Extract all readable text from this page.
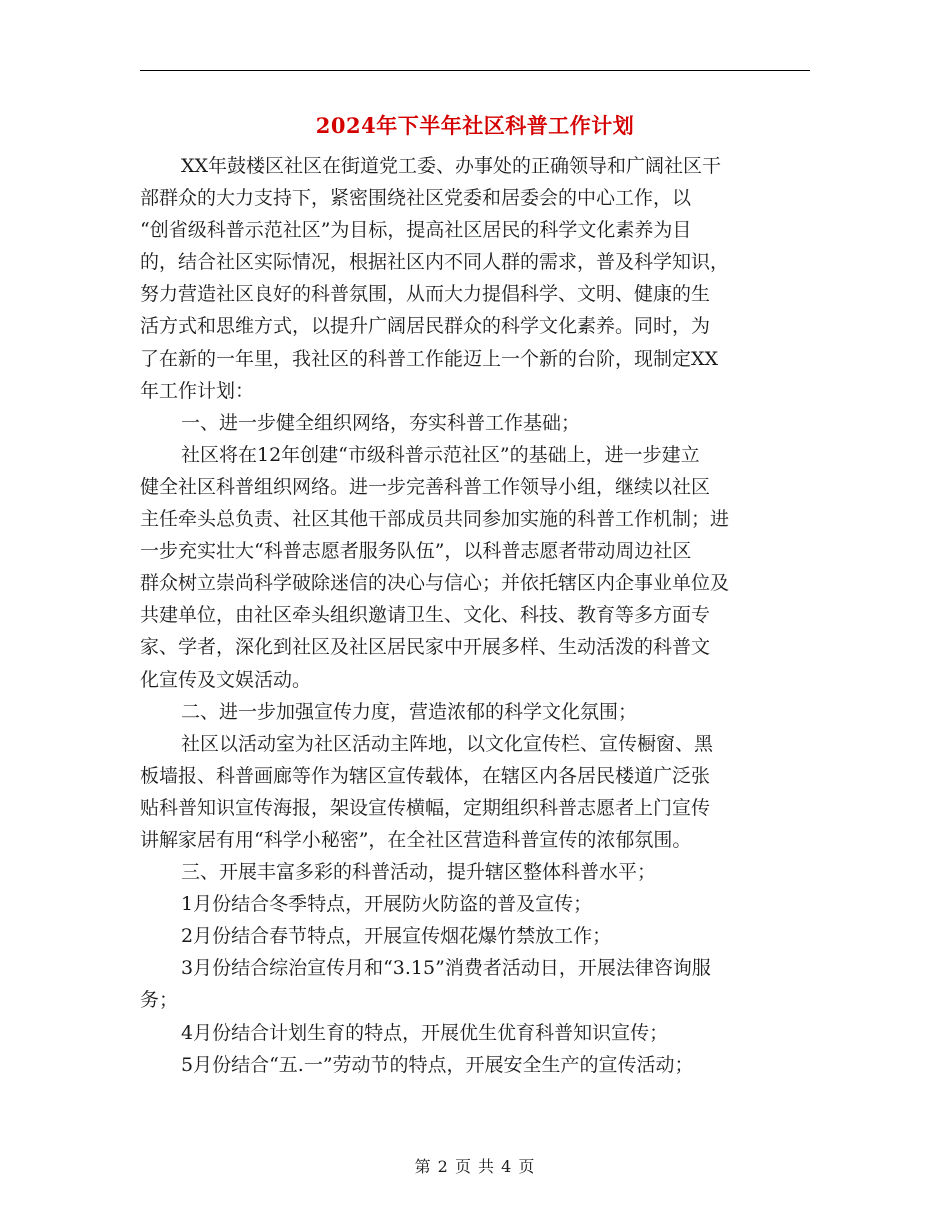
2024年下半年社区科普工作计划
XX年鼓楼区社区在街道党工委、办事处的正确领导和广阔社区干
部群众的大力支持下，紧密围绕社区党委和居委会的中心工作，以
“创省级科普示范社区”为目标，提高社区居民的科学文化素养为目
的，结合社区实际情况，根据社区内不同人群的需求，普及科学知识，
努力营造社区良好的科普氛围，从而大力提倡科学、文明、健康的生
活方式和思维方式，以提升广阔居民群众的科学文化素养。同时，为
了在新的一年里，我社区的科普工作能迈上一个新的台阶，现制定XX
年工作计划：
一、进一步健全组织网络，夯实科普工作基础；
社区将在12年创建“市级科普示范社区”的基础上，进一步建立
健全社区科普组织网络。进一步完善科普工作领导小组，继续以社区
主任牵头总负责、社区其他干部成员共同参加实施的科普工作机制；进
一步充实壮大“科普志愿者服务队伍”，以科普志愿者带动周边社区
群众树立崇尚科学破除迷信的决心与信心；并依托辖区内企事业单位及
共建单位，由社区牵头组织邀请卫生、文化、科技、教育等多方面专
家、学者，深化到社区及社区居民家中开展多样、生动活泼的科普文
化宣传及文娱活动。
二、进一步加强宣传力度，营造浓郁的科学文化氛围；
社区以活动室为社区活动主阵地，以文化宣传栏、宣传橱窗、黑
板墙报、科普画廊等作为辖区宣传载体，在辖区内各居民楼道广泛张
贴科普知识宣传海报，架设宣传横幅，定期组织科普志愿者上门宣传
讲解家居有用“科学小秘密”，在全社区营造科普宣传的浓郁氛围。
三、开展丰富多彩的科普活动，提升辖区整体科普水平；
1月份结合冬季特点，开展防火防盗的普及宣传；
2月份结合春节特点，开展宣传烟花爆竹禁放工作；
3月份结合综治宣传月和“3.15”消费者活动日，开展法律咨询服
务；
4月份结合计划生育的特点，开展优生优育科普知识宣传；
5月份结合“五.一”劳动节的特点，开展安全生产的宣传活动；
第 2 页 共 4 页
